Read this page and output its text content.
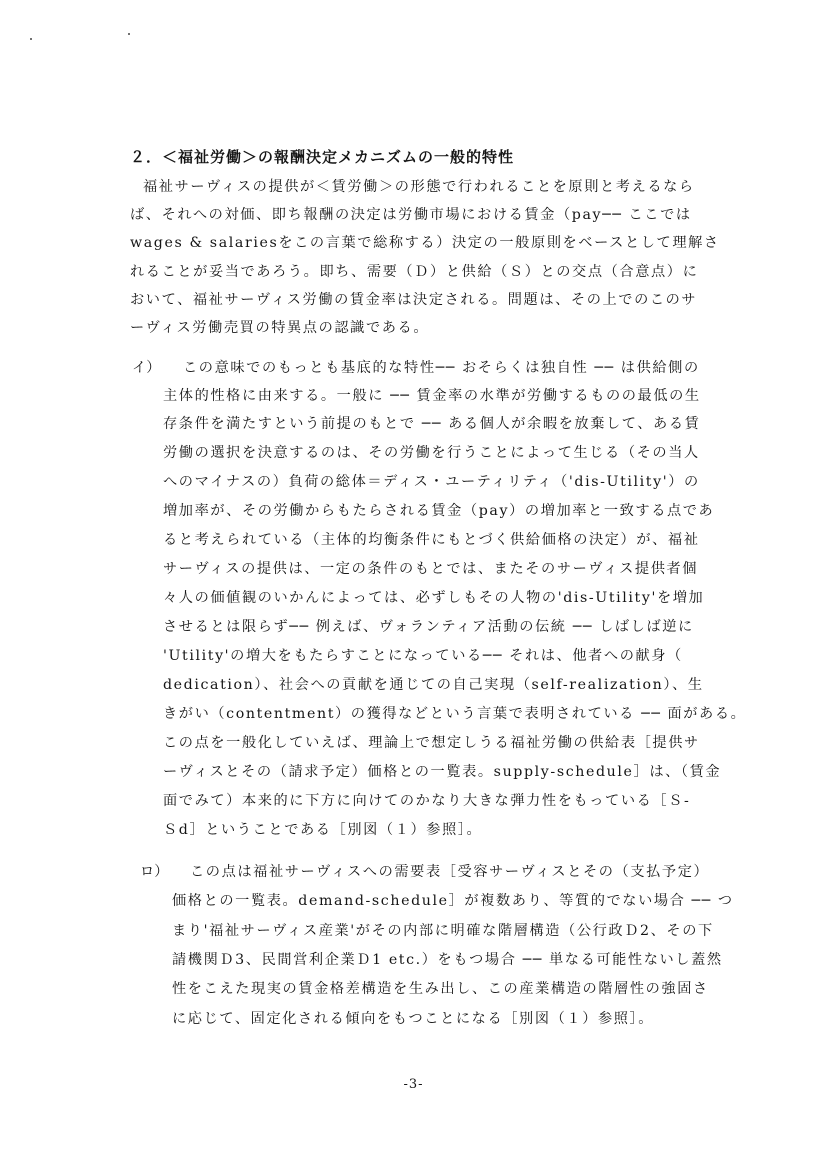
２．＜福祉労働＞の報酬決定メカニズムの一般的特性
福祉サーヴィスの提供が＜賃労働＞の形態で行われることを原則と考えるなら
ば、それへの対価、即ち報酬の決定は労働市場における賃金（pay── ここでは
wages & salariesをこの言葉で総称する）決定の一般原則をベースとして理解さ
れることが妥当であろう。即ち、需要（Ｄ）と供給（Ｓ）との交点（合意点）に
おいて、福祉サーヴィス労働の賃金率は決定される。問題は、その上でのこのサ
ーヴィス労働売買の特異点の認識である。
イ） この意味でのもっとも基底的な特性── おそらくは独自性 ── は供給側の
主体的性格に由来する。一般に ── 賃金率の水準が労働するものの最低の生
存条件を満たすという前提のもとで ── ある個人が余暇を放棄して、ある賃
労働の選択を決意するのは、その労働を行うことによって生じる（その当人
へのマイナスの）負荷の総体＝ディス・ユーティリティ（'dis-Utility'）の
増加率が、その労働からもたらされる賃金（pay）の増加率と一致する点であ
ると考えられている（主体的均衡条件にもとづく供給価格の決定）が、福祉
サーヴィスの提供は、一定の条件のもとでは、またそのサーヴィス提供者個
々人の価値観のいかんによっては、必ずしもその人物の'dis-Utility'を増加
させるとは限らず── 例えば、ヴォランティア活動の伝統 ── しばしば逆に
'Utility'の増大をもたらすことになっている── それは、他者への献身（
dedication）、社会への貢献を通じての自己実現（self-realization）、生
きがい（contentment）の獲得などという言葉で表明されている ── 面がある。
この点を一般化していえば、理論上で想定しうる福祉労働の供給表［提供サ
ーヴィスとその（請求予定）価格との一覧表。supply-schedule］は、（賃金
面でみて）本来的に下方に向けてのかなり大きな弾力性をもっている［Ｓ-
Ｓd］ということである［別図（１）参照］。
ロ） この点は福祉サーヴィスへの需要表［受容サーヴィスとその（支払予定）
価格との一覧表。demand-schedule］が複数あり、等質的でない場合 ── つ
まり'福祉サーヴィス産業'がその内部に明確な階層構造（公行政Ｄ2、その下
請機関Ｄ3、民間営利企業Ｄ1 etc.）をもつ場合 ── 単なる可能性ないし蓋然
性をこえた現実の賃金格差構造を生み出し、この産業構造の階層性の強固さ
に応じて、固定化される傾向をもつことになる［別図（１）参照］。
-3-
